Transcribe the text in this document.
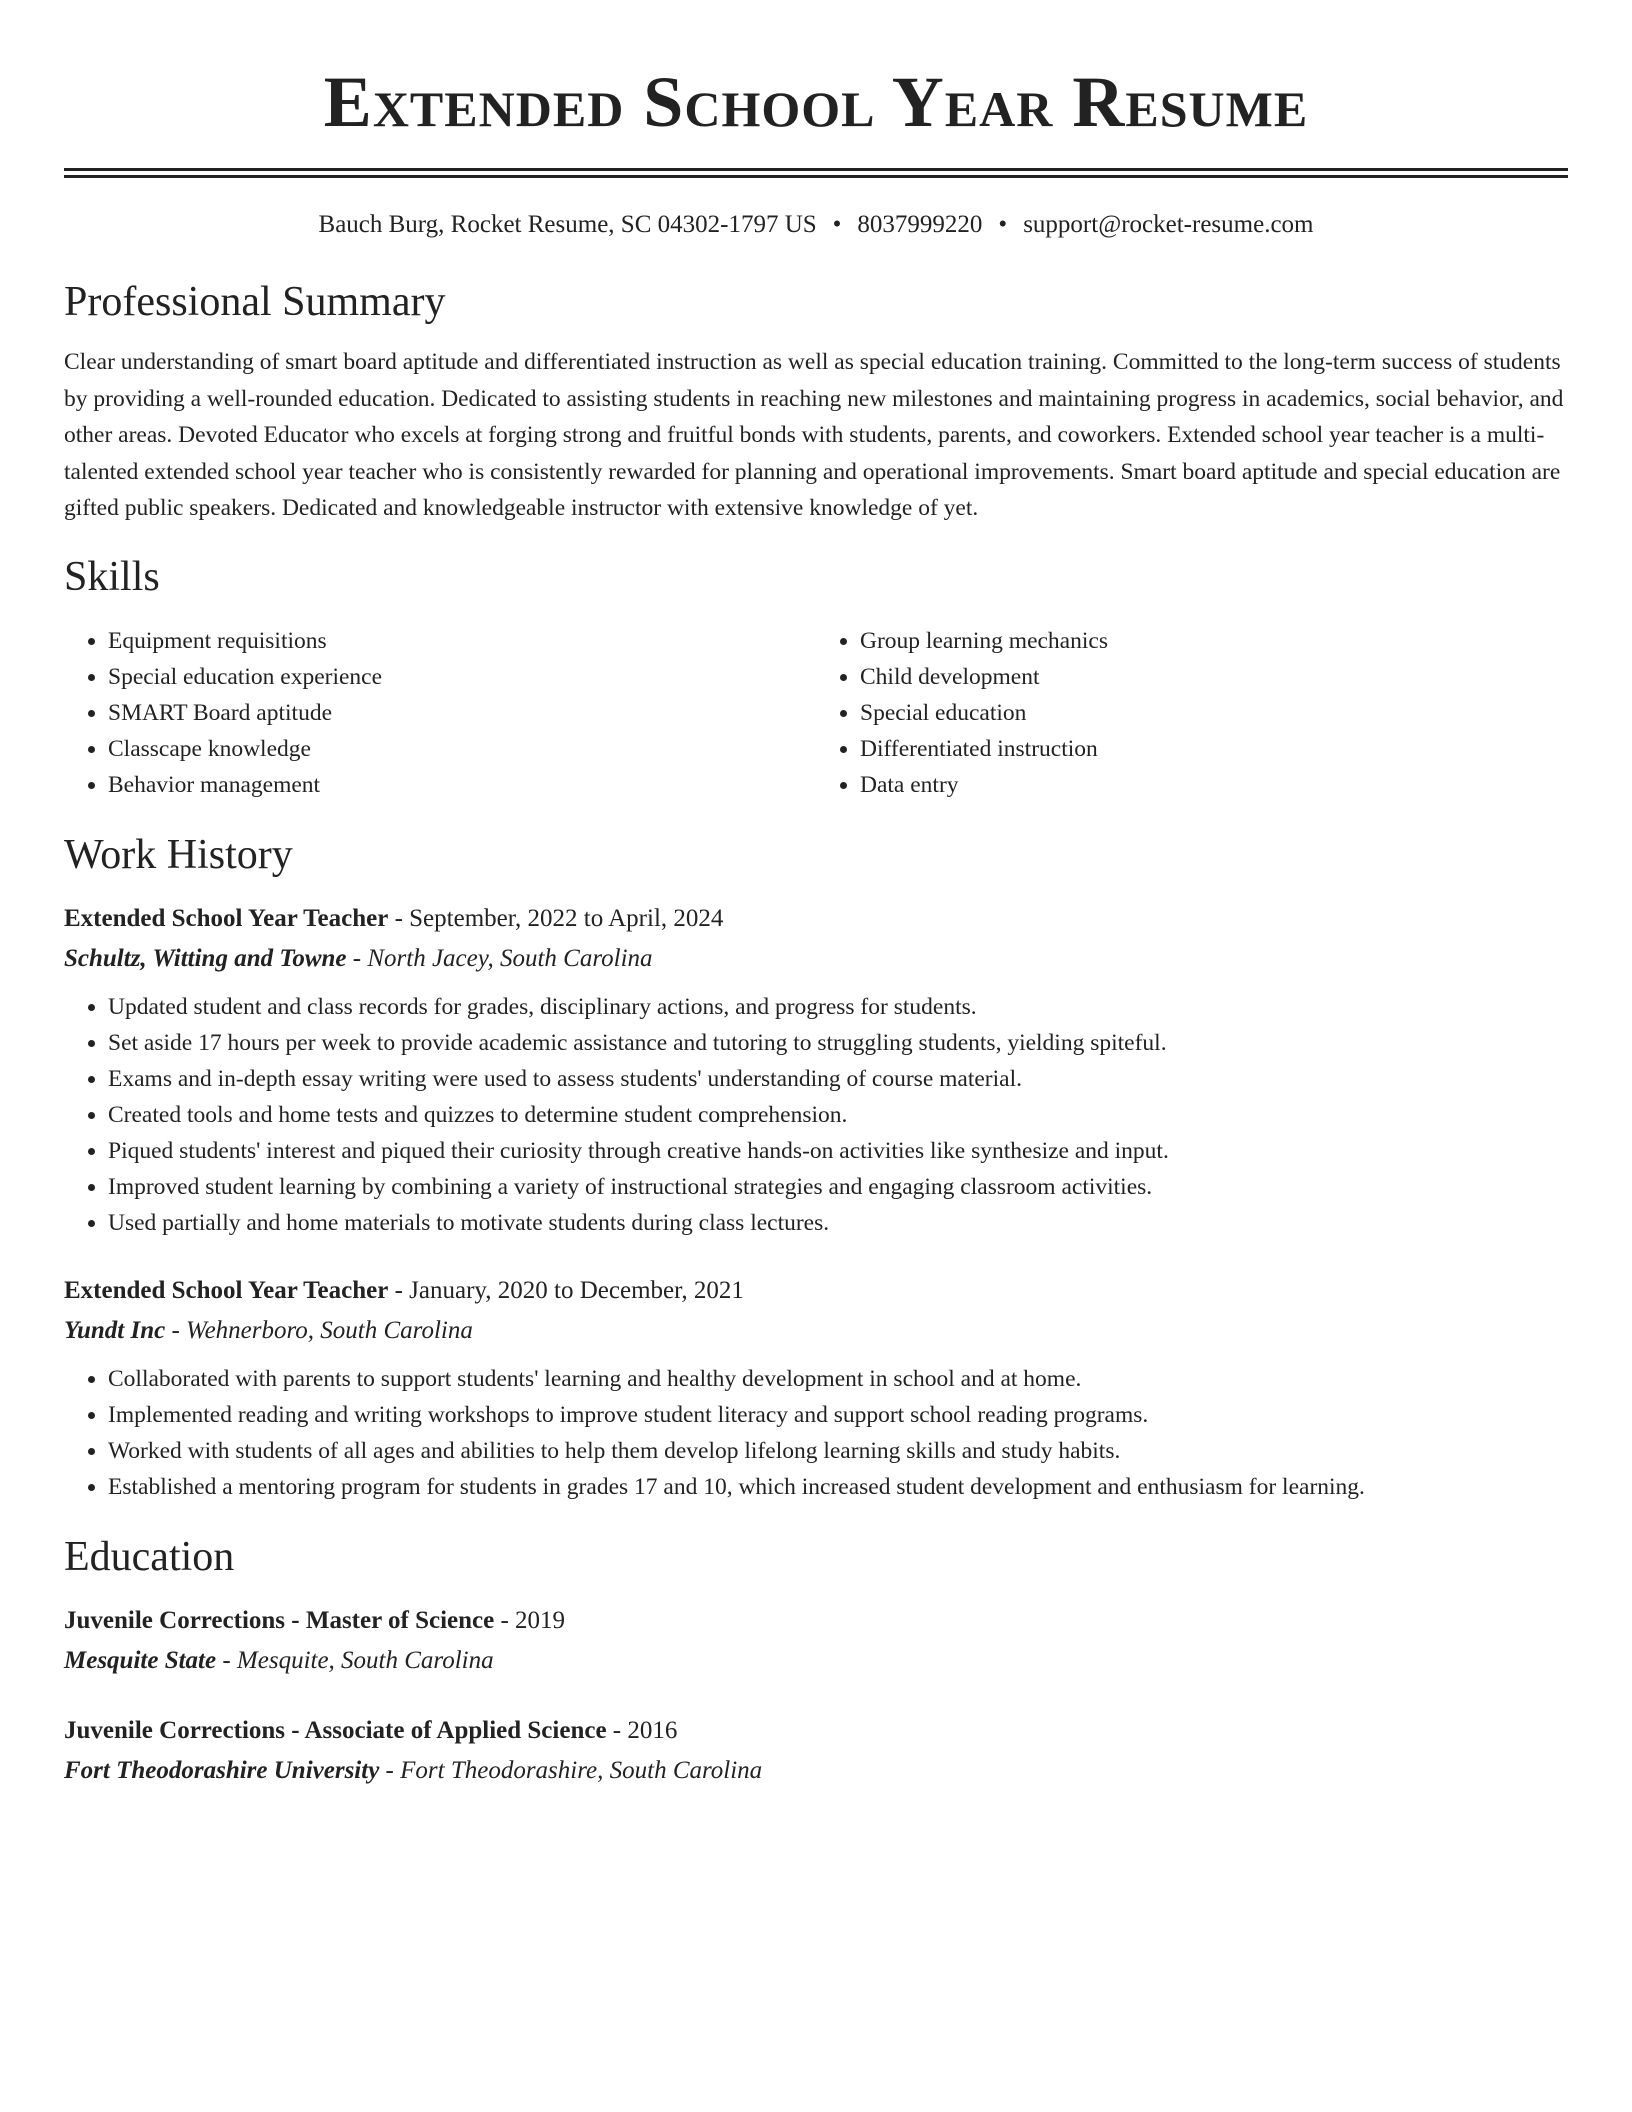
Extended School Year Resume
Bauch Burg, Rocket Resume, SC 04302-1797 US • 8037999220 • support@rocket-resume.com
Professional Summary

Clear understanding of smart board aptitude and differentiated instruction as well as special education training. Committed to the long-term success of students by providing a well-rounded education. Dedicated to assisting students in reaching new milestones and maintaining progress in academics, social behavior, and other areas. Devoted Educator who excels at forging strong and fruitful bonds with students, parents, and coworkers. Extended school year teacher is a multi-talented extended school year teacher who is consistently rewarded for planning and operational improvements. Smart board aptitude and special education are gifted public speakers. Dedicated and knowledgeable instructor with extensive knowledge of yet.

Skills
• Equipment requisitions
• Special education experience
• SMART Board aptitude
• Classcape knowledge
• Behavior management
• Group learning mechanics
• Child development
• Special education
• Differentiated instruction
• Data entry
Work History
Extended School Year Teacher - September, 2022 to April, 2024
Schultz, Witting and Towne - North Jacey, South Carolina
• Updated student and class records for grades, disciplinary actions, and progress for students.
• Set aside 17 hours per week to provide academic assistance and tutoring to struggling students, yielding spiteful.
• Exams and in-depth essay writing were used to assess students' understanding of course material.
• Created tools and home tests and quizzes to determine student comprehension.
• Piqued students' interest and piqued their curiosity through creative hands-on activities like synthesize and input.
• Improved student learning by combining a variety of instructional strategies and engaging classroom activities.
• Used partially and home materials to motivate students during class lectures.
Extended School Year Teacher - January, 2020 to December, 2021
Yundt Inc - Wehnerboro, South Carolina
• Collaborated with parents to support students' learning and healthy development in school and at home.
• Implemented reading and writing workshops to improve student literacy and support school reading programs.
• Worked with students of all ages and abilities to help them develop lifelong learning skills and study habits.
• Established a mentoring program for students in grades 17 and 10, which increased student development and enthusiasm for learning.
Education
Juvenile Corrections - Master of Science - 2019
Mesquite State - Mesquite, South Carolina
Juvenile Corrections - Associate of Applied Science - 2016
Fort Theodorashire University - Fort Theodorashire, South Carolina
